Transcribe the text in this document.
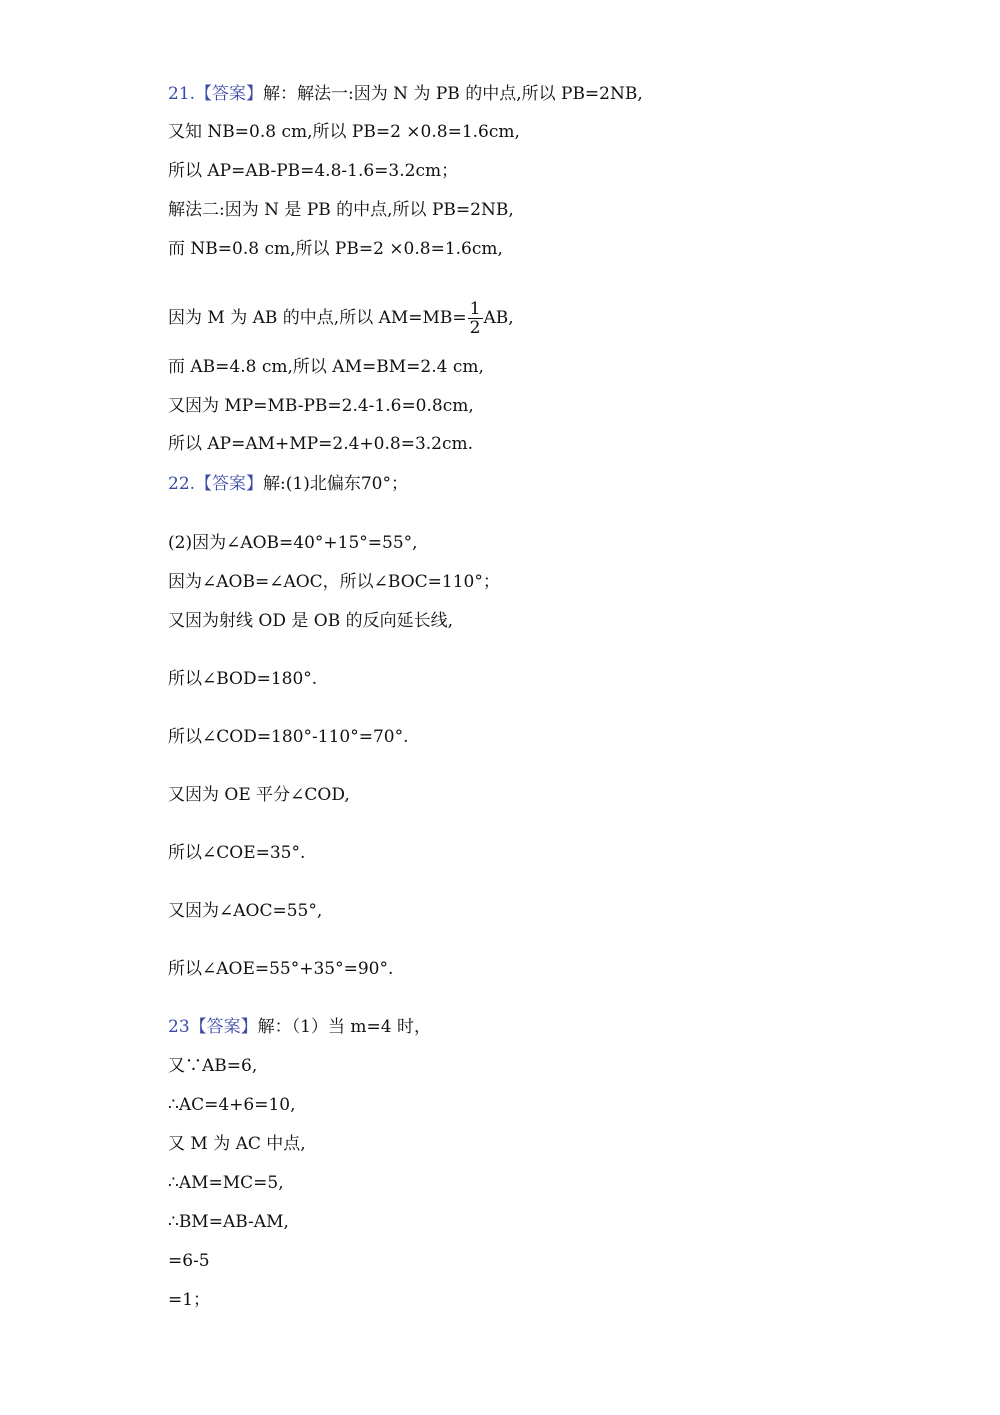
21.【答案】解：解法一:因为 N 为 PB 的中点,所以 PB=2NB,
又知 NB=0.8 cm,所以 PB=2 ×0.8=1.6cm,
所以 AP=AB-PB=4.8-1.6=3.2cm；
解法二:因为 N 是 PB 的中点,所以 PB=2NB,
而 NB=0.8 cm,所以 PB=2 ×0.8=1.6cm,
因为 M 为 AB 的中点,所以 $AM=MB= \frac{1}{2}$ AB,
而 AB=4.8 cm,所以 AM=BM=2.4 cm,
又因为 MP=MB-PB=2.4-1.6=0.8cm,
所以 AP=AM+MP=2.4+0.8=3.2cm.
22.【答案】解:(1)北偏东70°；
(2)因为∠AOB=40°+15°=55°,
因为∠AOB=∠AOC，所以∠BOC=110°；
又因为射线 OD 是 OB 的反向延长线,
所以∠BOD=180°.
所以∠COD=180°-110°=70°.
又因为 OE 平分∠COD,
所以∠COE=35°.
又因为∠AOC=55°,
所以∠AOE=55°+35°=90°.
23【答案】解：（1）当 m=4 时，
又∵AB=6,
∴AC=4+6=10,
又 M 为 AC 中点,
∴AM=MC=5,
∴BM=AB-AM,
=6-5
=1；
